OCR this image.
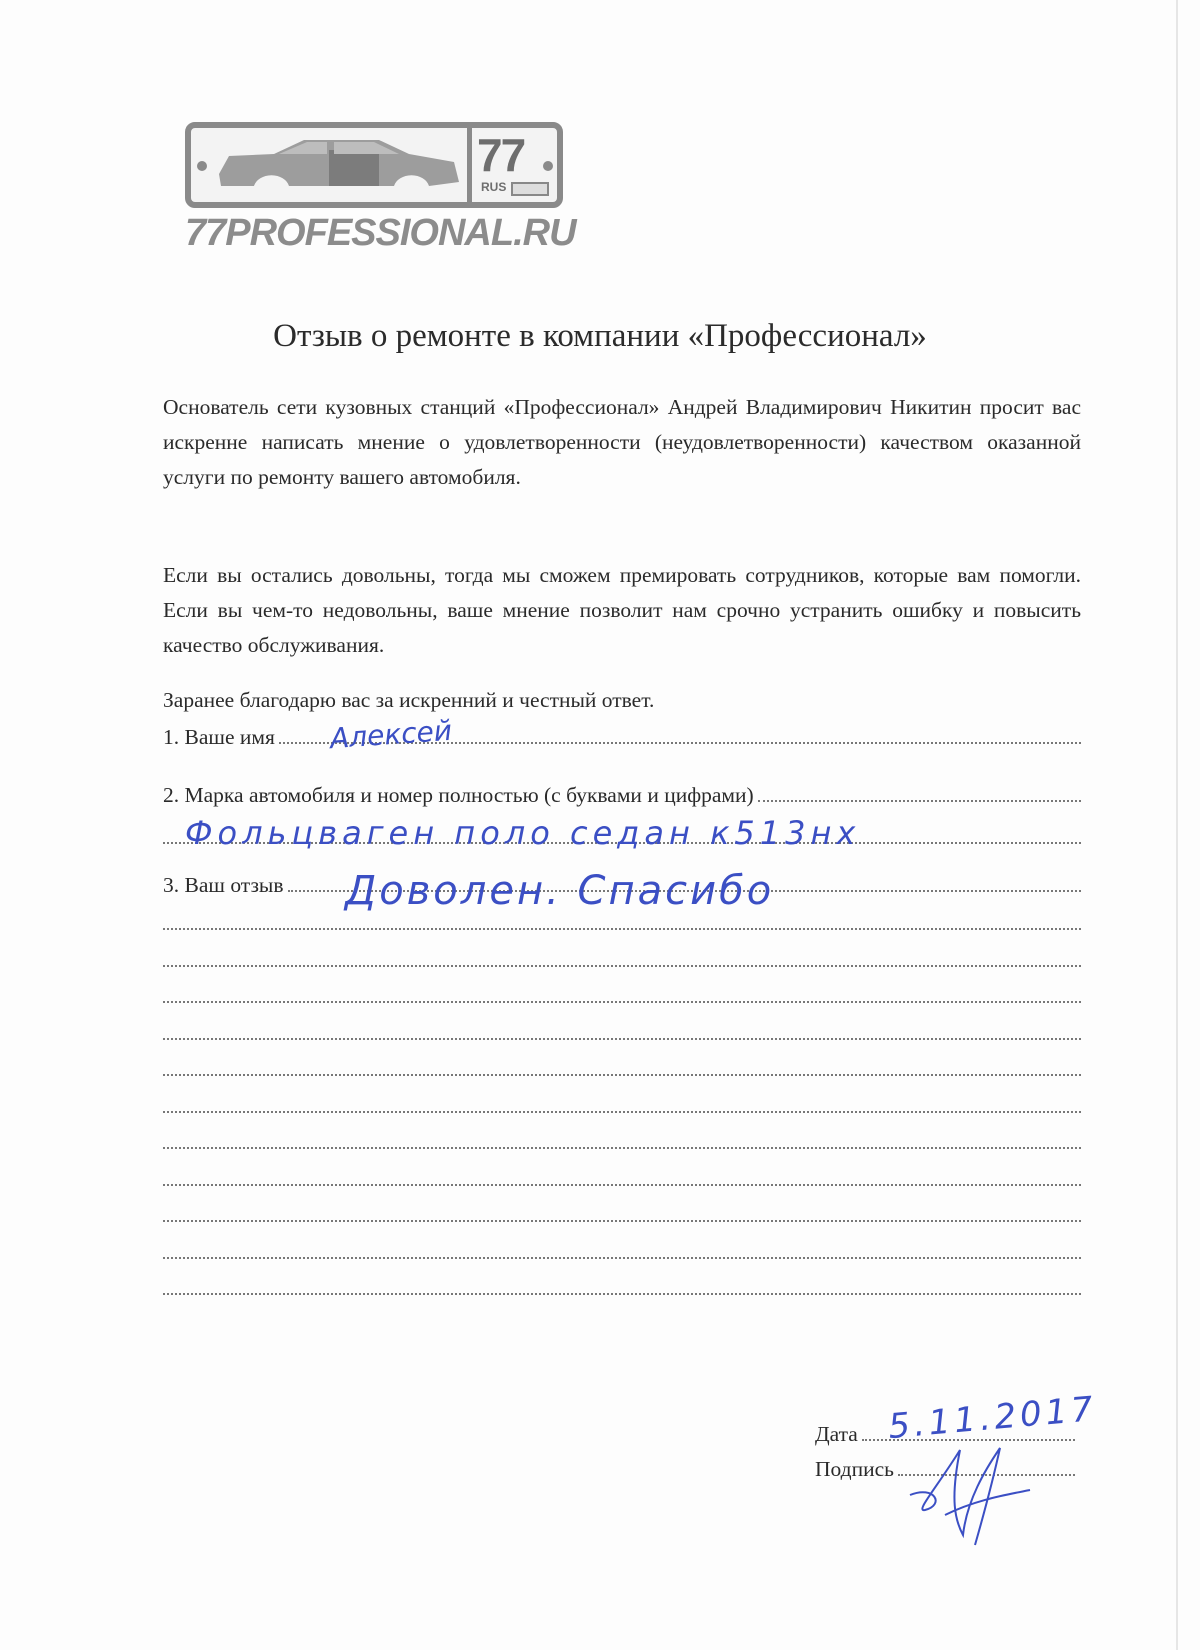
77
RUS
77PROFESSIONAL.RU
Отзыв о ремонте в компании «Профессионал»
Основатель сети кузовных станций «Профессионал» Андрей Владимирович Никитин просит вас искренне написать мнение о удовлетворенности (неудовлетворенности) качеством оказанной услуги по ремонту вашего автомобиля.
Если вы остались довольны, тогда мы сможем премировать сотрудников, которые вам помогли. Если вы чем-то недовольны, ваше мнение позволит нам срочно устранить ошибку и повысить качество обслуживания.
Заранее благодарю вас за искренний и честный ответ.
1. Ваше имя Алексей
2. Марка автомобиля и номер полностью (с буквами и цифрами)
Фольцваген поло седан к513нх
3. Ваш отзыв Доволен. Спасибо
Дата 5.11.2017
Подпись
